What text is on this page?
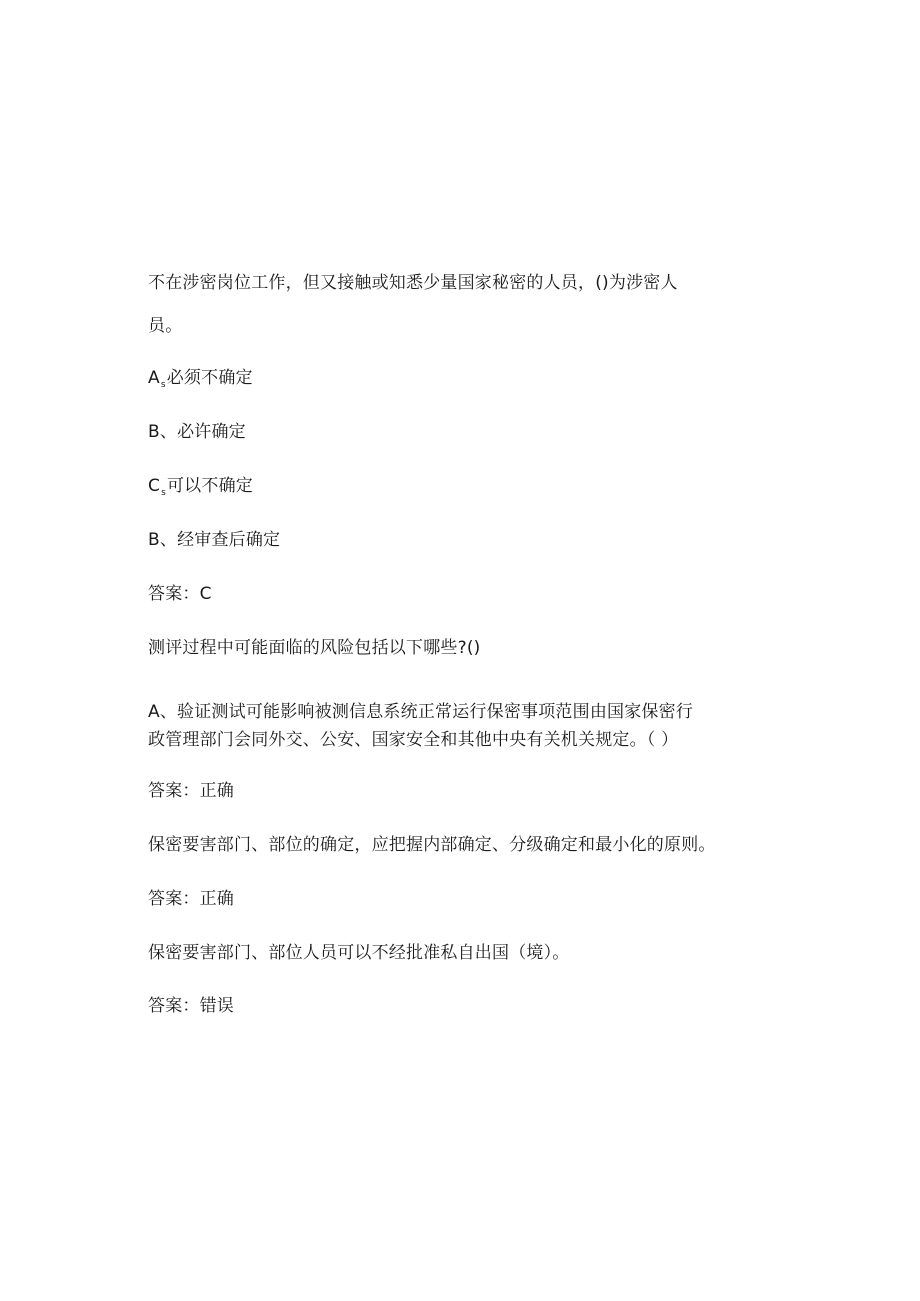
不在涉密岗位工作，但又接触或知悉少量国家秘密的人员，()为涉密人
员。
$A_s$必须不确定
B、必许确定
$C_s$可以不确定
B、经审查后确定
答案：C
测评过程中可能面临的风险包括以下哪些?()
A、验证测试可能影响被测信息系统正常运行保密事项范围由国家保密行
政管理部门会同外交、公安、国家安全和其他中央有关机关规定。（ ）
答案：正确
保密要害部门、部位的确定，应把握内部确定、分级确定和最小化的原则。
答案：正确
保密要害部门、部位人员可以不经批准私自出国（境）。
答案：错误
